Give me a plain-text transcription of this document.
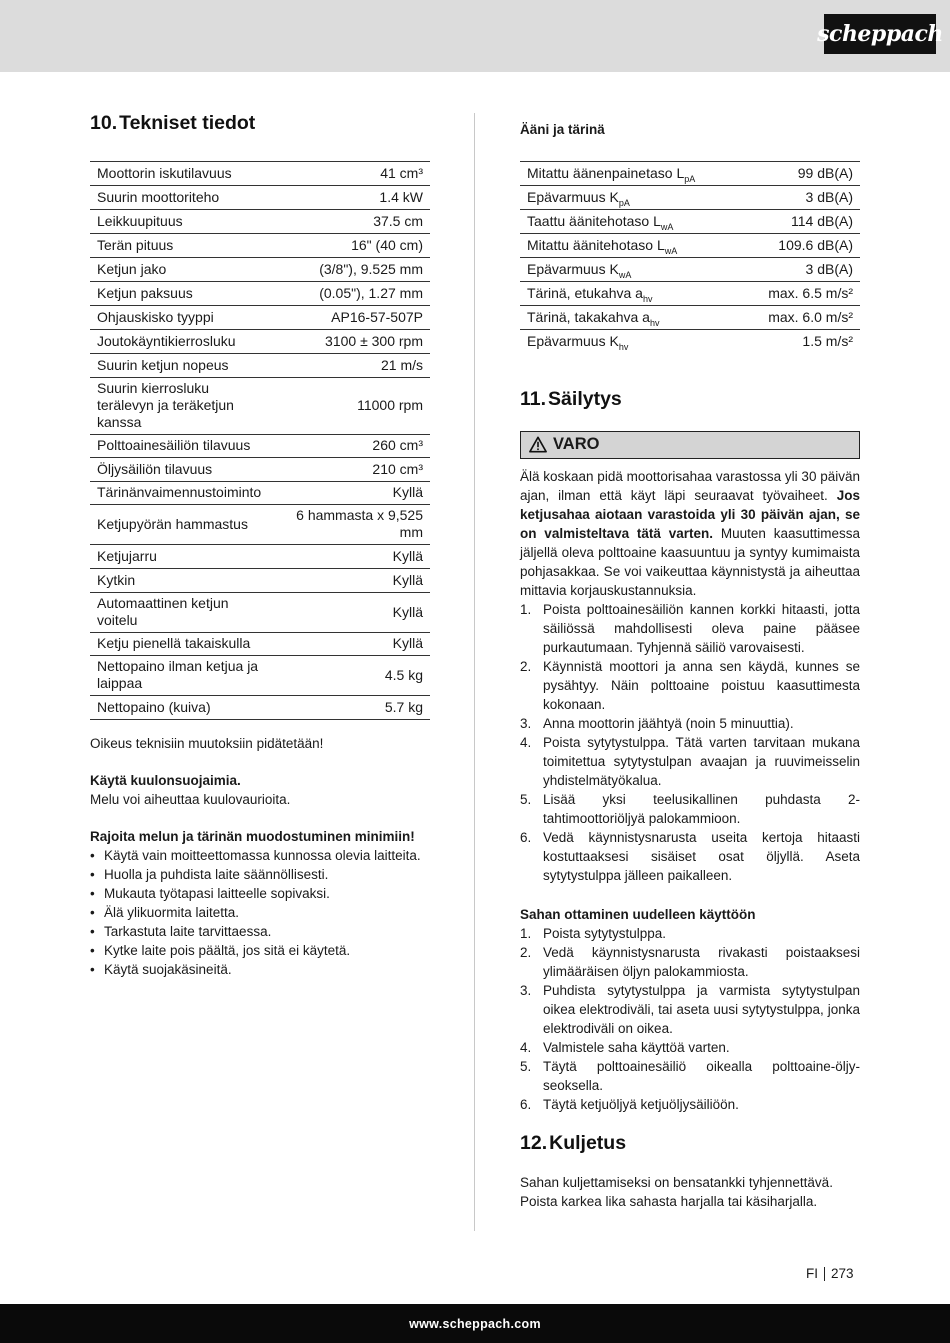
scheppach
10. Tekniset tiedot
Moottorin iskutilavuus	41 cm³
Suurin moottoriteho	1.4 kW
Leikkuupituus	37.5 cm
Terän pituus	16" (40 cm)
Ketjun jako	(3/8"), 9.525 mm
Ketjun paksuus	(0.05"), 1.27 mm
Ohjauskisko tyyppi	AP16-57-507P
Joutokäyntikierrosluku	3100 ± 300 rpm
Suurin ketjun nopeus	21 m/s
Suurin kierrosluku terälevyn ja teräketjun kanssa	11000 rpm
Polttoainesäiliön tilavuus	260 cm³
Öljysäiliön tilavuus	210 cm³
Tärinänvaimennustoiminto	Kyllä
Ketjupyörän hammastus	6 hammasta x 9,525 mm
Ketjujarru	Kyllä
Kytkin	Kyllä
Automaattinen ketjun voitelu	Kyllä
Ketju pienellä takaiskulla	Kyllä
Nettopaino ilman ketjua ja laippaa	4.5 kg
Nettopaino (kuiva)	5.7 kg

Oikeus teknisiin muutoksiin pidätetään!

Käytä kuulonsuojaimia.

Melu voi aiheuttaa kuulovaurioita.

Rajoita melun ja tärinän muodostuminen minimiin!

• Käytä vain moitteettomassa kunnossa olevia laitteita.
• Huolla ja puhdista laite säännöllisesti.
• Mukauta työtapasi laitteelle sopivaksi.
• Älä ylikuormita laitetta.
• Tarkastuta laite tarvittaessa.
• Kytke laite pois päältä, jos sitä ei käytetä.
• Käytä suojakäsineitä.

Ääni ja tärinä

Mitattu äänenpainetaso $L_{pA}$	99 dB(A)
Epävarmuus $K_{pA}$	3 dB(A)
Taattu äänitehotaso $L_{wA}$	114 dB(A)
Mitattu äänitehotaso $L_{wA}$	109.6 dB(A)
Epävarmuus $K_{wA}$	3 dB(A)
Tärinä, etukahva $a_{hv}$	max. 6.5 m/s²
Tärinä, takakahva $a_{hv}$	max. 6.0 m/s²
Epävarmuus $K_{hv}$	1.5 m/s²
11. Säilytys
VARO

Älä koskaan pidä moottorisahaa varastossa yli 30 päivän ajan, ilman että käyt läpi seuraavat työvaiheet. Jos ketjusahaa aiotaan varastoida yli 30 päivän ajan, se on valmisteltava tätä varten. Muuten kaasuttimessa jäljellä oleva polttoaine kaasuuntuu ja syntyy kumimaista pohjasakkaa. Se voi vaikeuttaa käynnistystä ja aiheuttaa mittavia korjauskustannuksia.

1. Poista polttoainesäiliön kannen korkki hitaasti, jotta säiliössä mahdollisesti oleva paine pääsee purkautumaan. Tyhjennä säiliö varovaisesti.
2. Käynnistä moottori ja anna sen käydä, kunnes se pysähtyy. Näin polttoaine poistuu kaasuttimesta kokonaan.
3. Anna moottorin jäähtyä (noin 5 minuuttia).
4. Poista sytytystulppa. Tätä varten tarvitaan mukana toimitettua sytytystulpan avaajan ja ruuvimeisselin yhdistelmätyökalua.
5. Lisää yksi teelusikallinen puhdasta 2-tahtimoottoriöljyä palokammioon.
6. Vedä käynnistysnarusta useita kertoja hitaasti kostuttaaksesi sisäiset osat öljyllä. Aseta sytytystulppa jälleen paikalleen.

Sahan ottaminen uudelleen käyttöön

1. Poista sytytystulppa.
2. Vedä käynnistysnarusta rivakasti poistaaksesi ylimääräisen öljyn palokammiosta.
3. Puhdista sytytystulppa ja varmista sytytystulpan oikea elektrodiväli, tai aseta uusi sytytystulppa, jonka elektrodiväli on oikea.
4. Valmistele saha käyttöä varten.
5. Täytä polttoainesäiliö oikealla polttoaine-öljy-seoksella.
6. Täytä ketjuöljyä ketjuöljysäiliöön.
12. Kuljetus

Sahan kuljettamiseksi on bensatankki tyhjennettävä. Poista karkea lika sahasta harjalla tai käsiharjalla.

FI 273
www.scheppach.com
